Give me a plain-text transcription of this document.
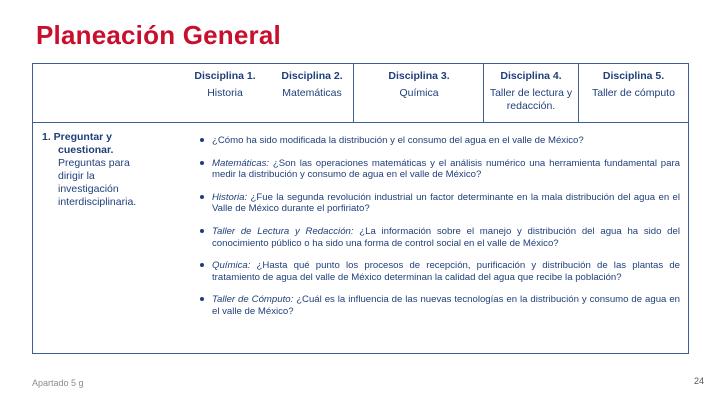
Planeación General
Disciplina 1.
Historia
Disciplina 2.
Matemáticas
Disciplina 3.
Química
Disciplina 4.
Taller de lectura y redacción.
Disciplina 5.
Taller de cómputo
1. Preguntar y
cuestionar.
Preguntas para
dirigir la
investigación
interdisciplinaria.
¿Cómo ha sido modificada la distribución y el consumo del agua en el valle de México?
Matemáticas: ¿Son las operaciones matemáticas y el análisis numérico una herramienta fundamental para medir la distribución y consumo de agua en el valle de México?
Historia: ¿Fue la segunda revolución industrial un factor determinante en la mala distribución del agua en el Valle de México durante el porfiriato?
Taller de Lectura y Redacción: ¿La información sobre el manejo y distribución del agua ha sido del conocimiento público o ha sido una forma de control social en el valle de México?
Química: ¿Hasta qué punto los procesos de recepción, purificación y distribución de las plantas de tratamiento de agua del valle de México determinan la calidad del agua que recibe la población?
Taller de Cómputo: ¿Cuál es la influencia de las nuevas tecnologías en la distribución y consumo de agua en el valle de México?
Apartado 5 g	24
